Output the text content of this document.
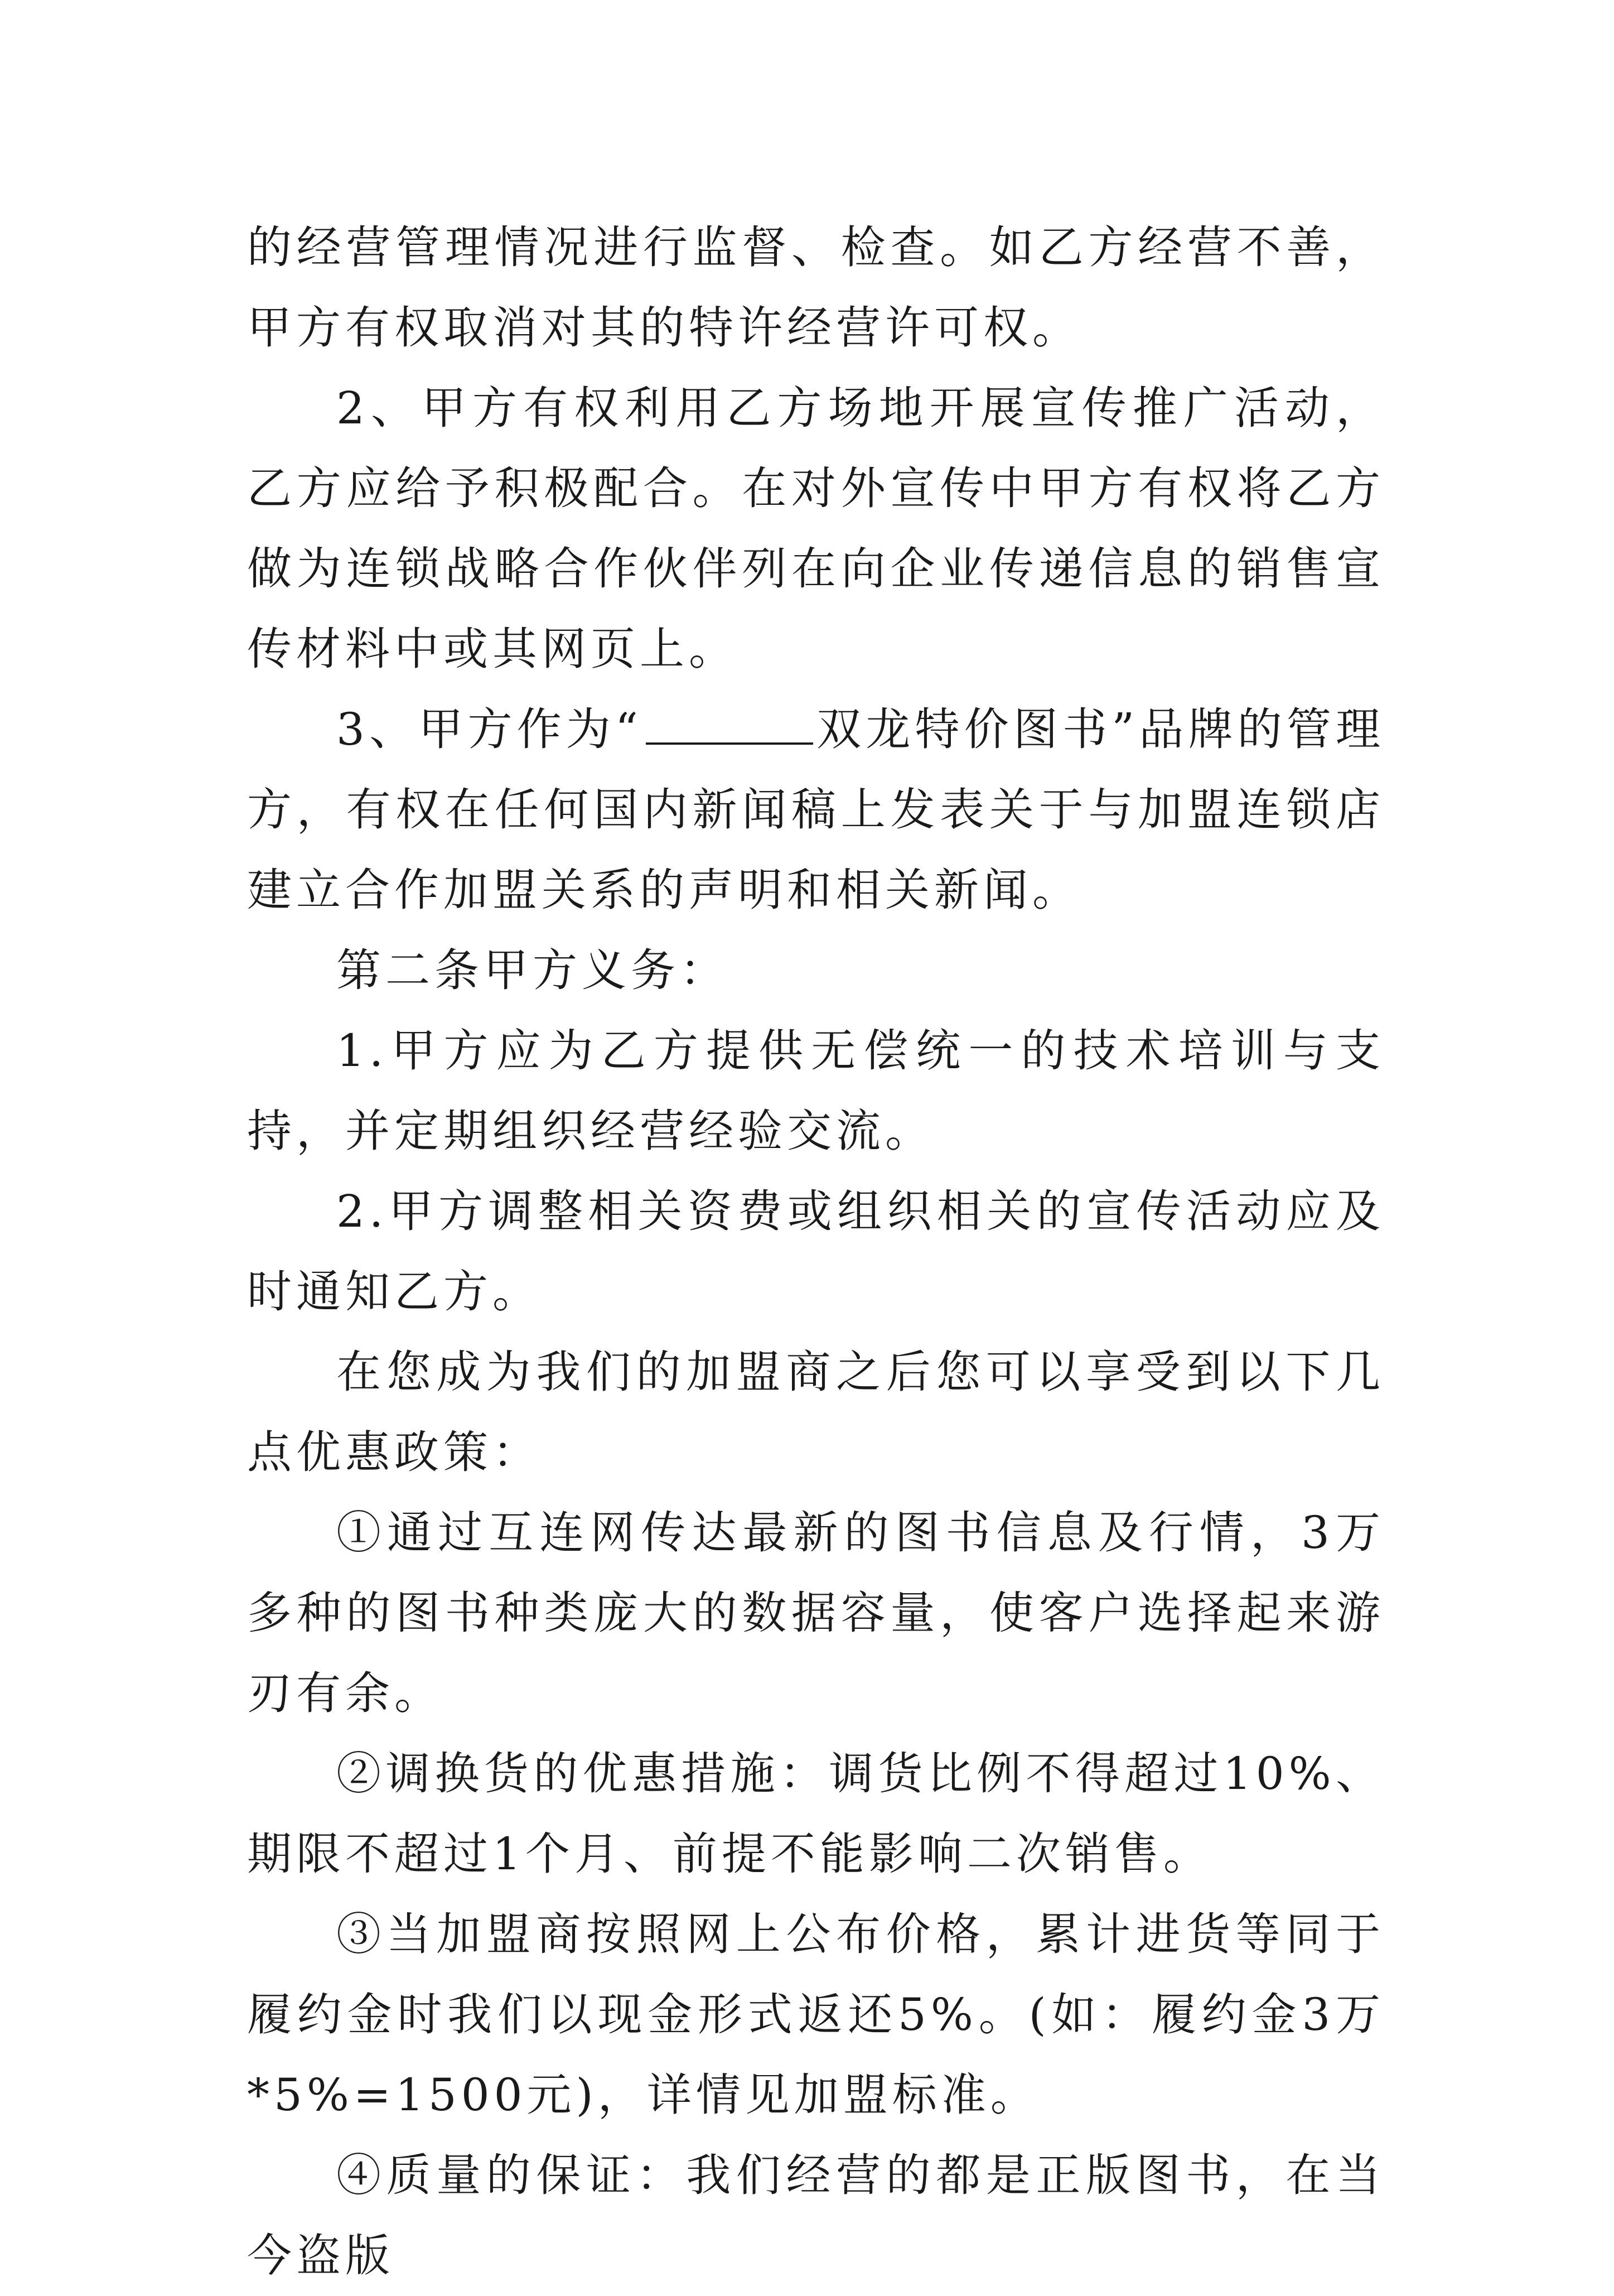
的经营管理情况进行监督、检查。如乙方经营不善，甲方有权取消对其的特许经营许可权。

2、甲方有权利用乙方场地开展宣传推广活动，乙方应给予积极配合。在对外宣传中甲方有权将乙方做为连锁战略合作伙伴列在向企业传递信息的销售宣传材料中或其网页上。

3、甲方作为“	双龙特价图书”品牌的管理方，有权在任何国内新闻稿上发表关于与加盟连锁店建立合作加盟关系的声明和相关新闻。

第二条甲方义务：

1.甲方应为乙方提供无偿统一的技术培训与支持，并定期组织经营经验交流。

2.甲方调整相关资费或组织相关的宣传活动应及时通知乙方。

在您成为我们的加盟商之后您可以享受到以下几点优惠政策：

①通过互连网传达最新的图书信息及行情，3万多种的图书种类庞大的数据容量，使客户选择起来游刃有余。

②调换货的优惠措施：调货比例不得超过10%、期限不超过1个月、前提不能影响二次销售。

③当加盟商按照网上公布价格，累计进货等同于履约金时我们以现金形式返还5%。(如：履约金3万*5%=1500元)，详情见加盟标准。

④质量的保证：我们经营的都是正版图书，在当今盗版
